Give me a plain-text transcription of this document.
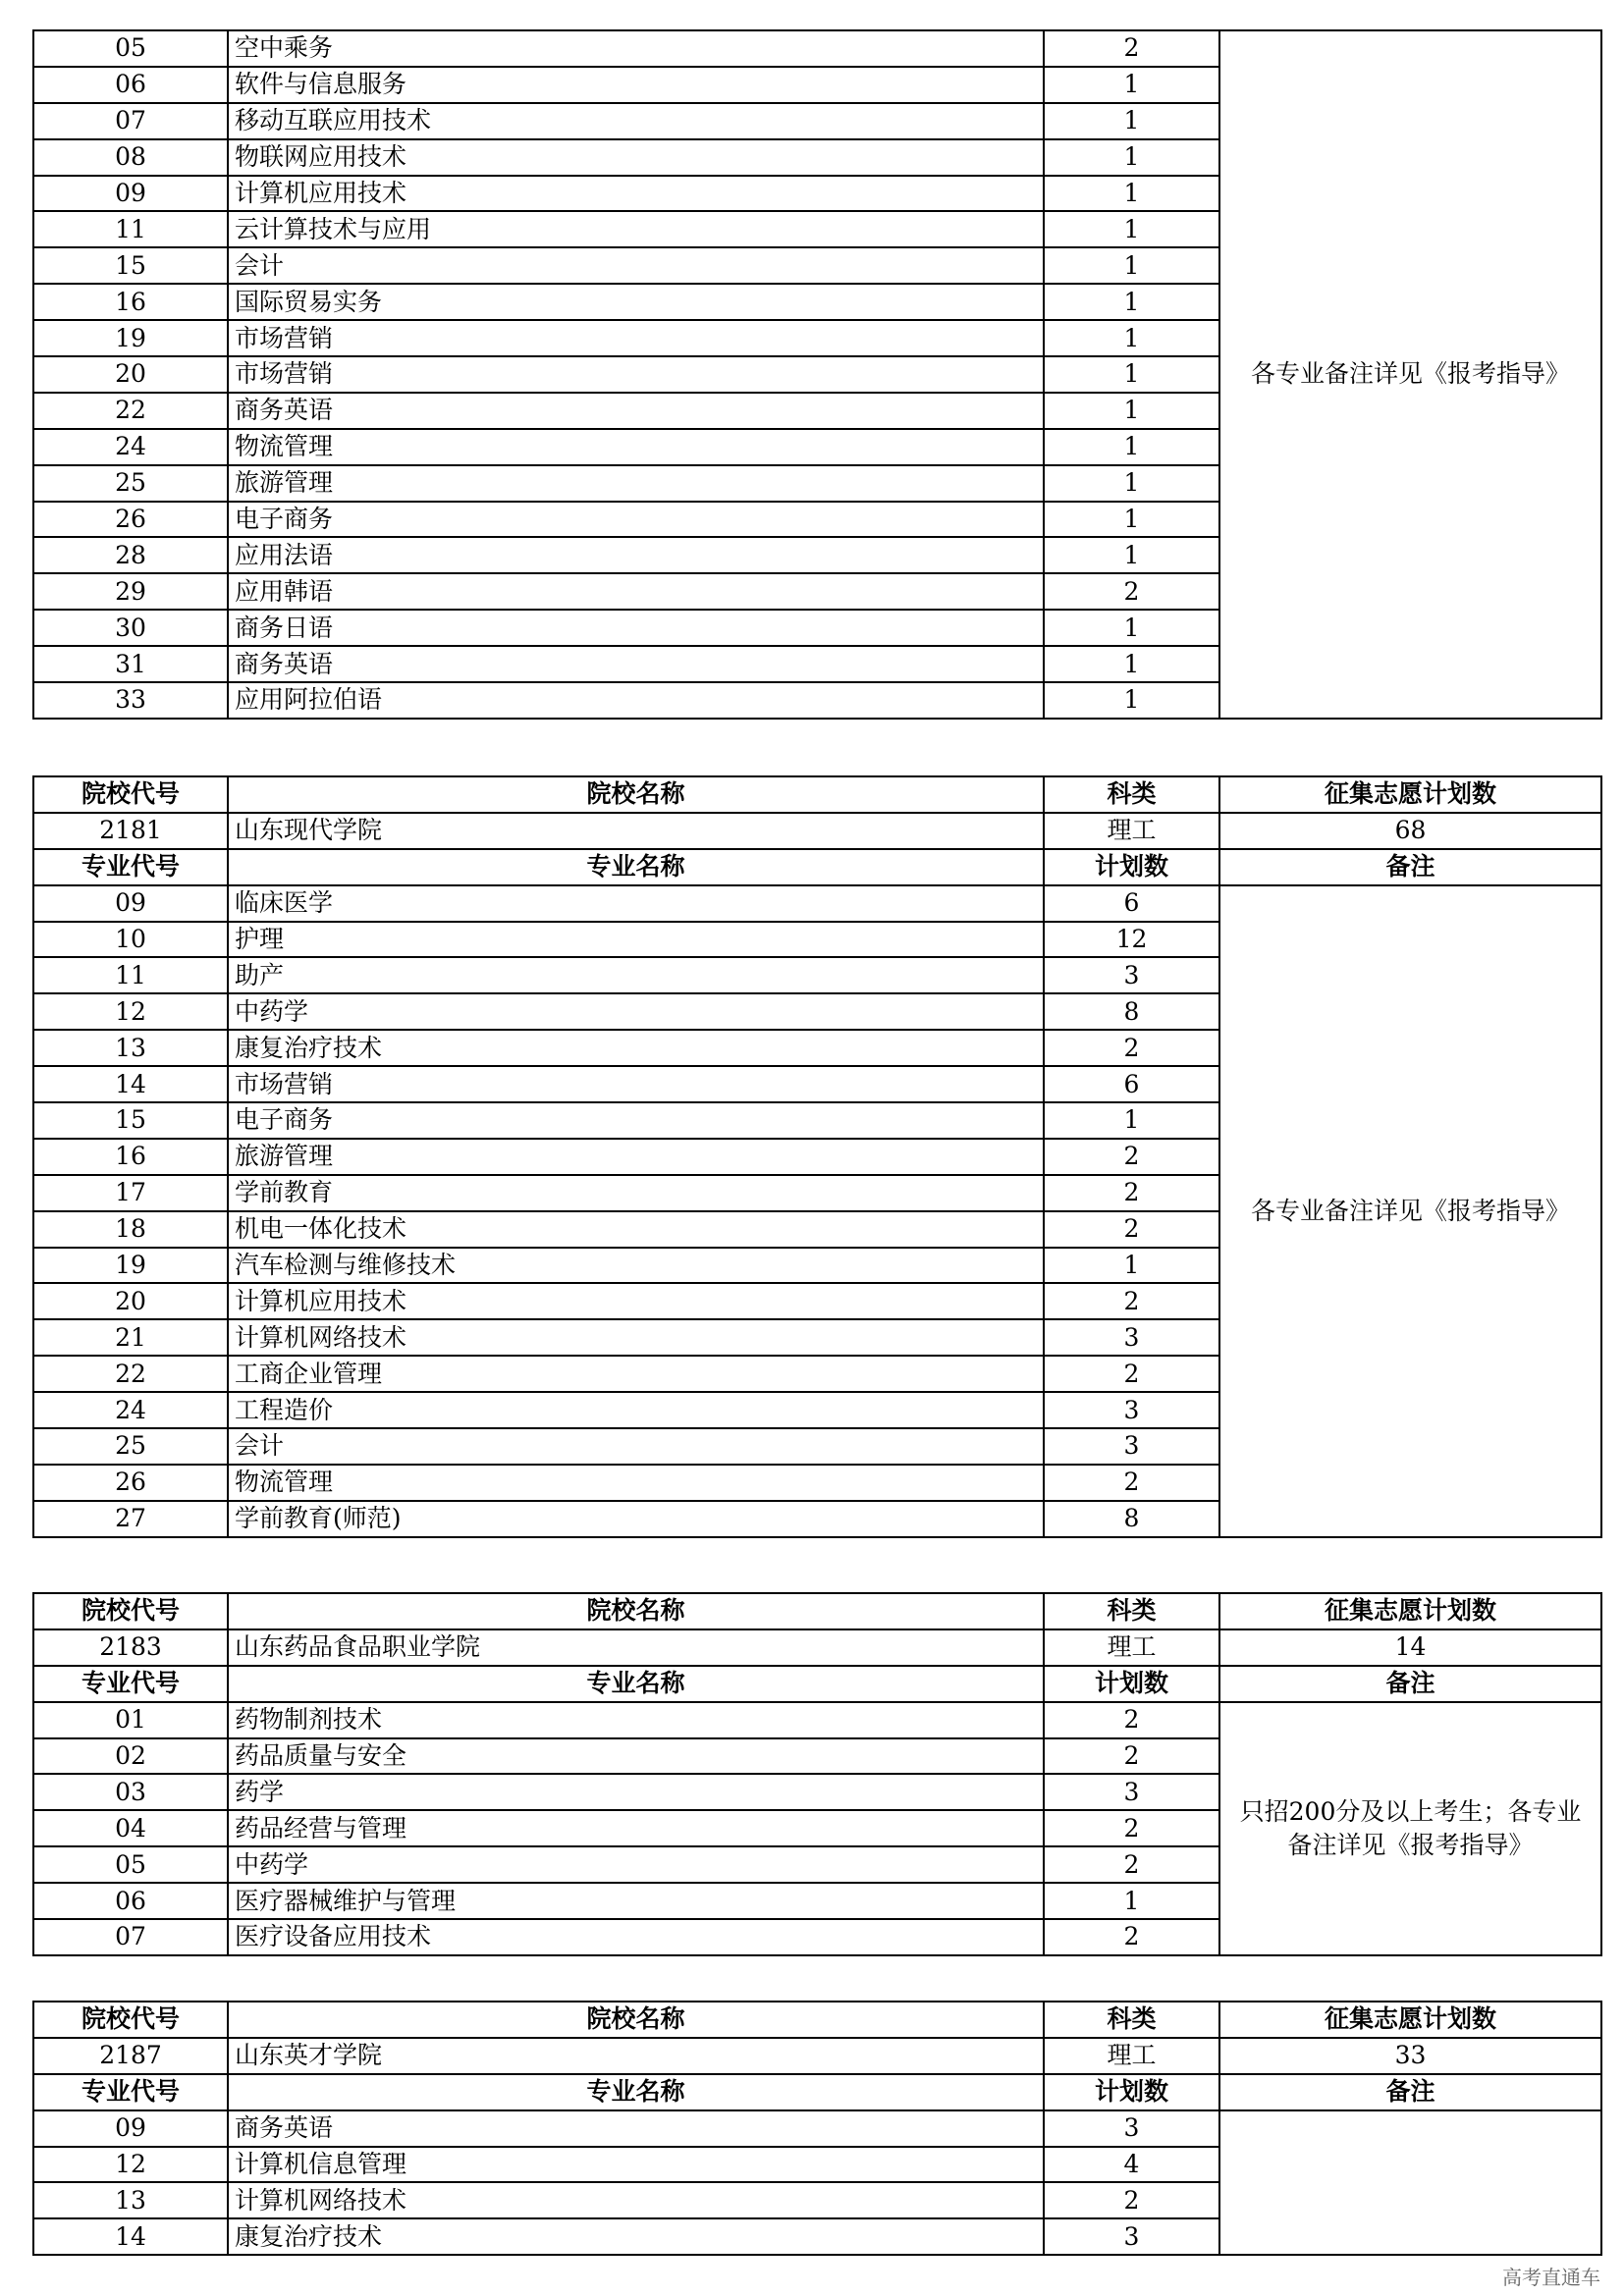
05	空中乘务	2	各专业备注详见《报考指导》
06	软件与信息服务	1	
07	移动互联应用技术	1	
08	物联网应用技术	1	
09	计算机应用技术	1	
11	云计算技术与应用	1	
15	会计	1	
16	国际贸易实务	1	
19	市场营销	1	
20	市场营销	1	
22	商务英语	1	
24	物流管理	1	
25	旅游管理	1	
26	电子商务	1	
28	应用法语	1	
29	应用韩语	2	
30	商务日语	1	
31	商务英语	1	
33	应用阿拉伯语	1	
院校代号	院校名称	科类	征集志愿计划数
2181	山东现代学院	理工	68
专业代号	专业名称	计划数	备注
09	临床医学	6	各专业备注详见《报考指导》
10	护理	12	
11	助产	3	
12	中药学	8	
13	康复治疗技术	2	
14	市场营销	6	
15	电子商务	1	
16	旅游管理	2	
17	学前教育	2	
18	机电一体化技术	2	
19	汽车检测与维修技术	1	
20	计算机应用技术	2	
21	计算机网络技术	3	
22	工商企业管理	2	
24	工程造价	3	
25	会计	3	
26	物流管理	2	
27	学前教育(师范)	8	
院校代号	院校名称	科类	征集志愿计划数
2183	山东药品食品职业学院	理工	14
专业代号	专业名称	计划数	备注
01	药物制剂技术	2	只招200分及以上考生；各专业
备注详见《报考指导》

02	药品质量与安全	2	
03	药学	3	
04	药品经营与管理	2	
05	中药学	2	
06	医疗器械维护与管理	1	
07	医疗设备应用技术	2	
院校代号	院校名称	科类	征集志愿计划数
2187	山东英才学院	理工	33
专业代号	专业名称	计划数	备注
09	商务英语	3	
12	计算机信息管理	4	
13	计算机网络技术	2	
14	康复治疗技术	3	
高考直通车
